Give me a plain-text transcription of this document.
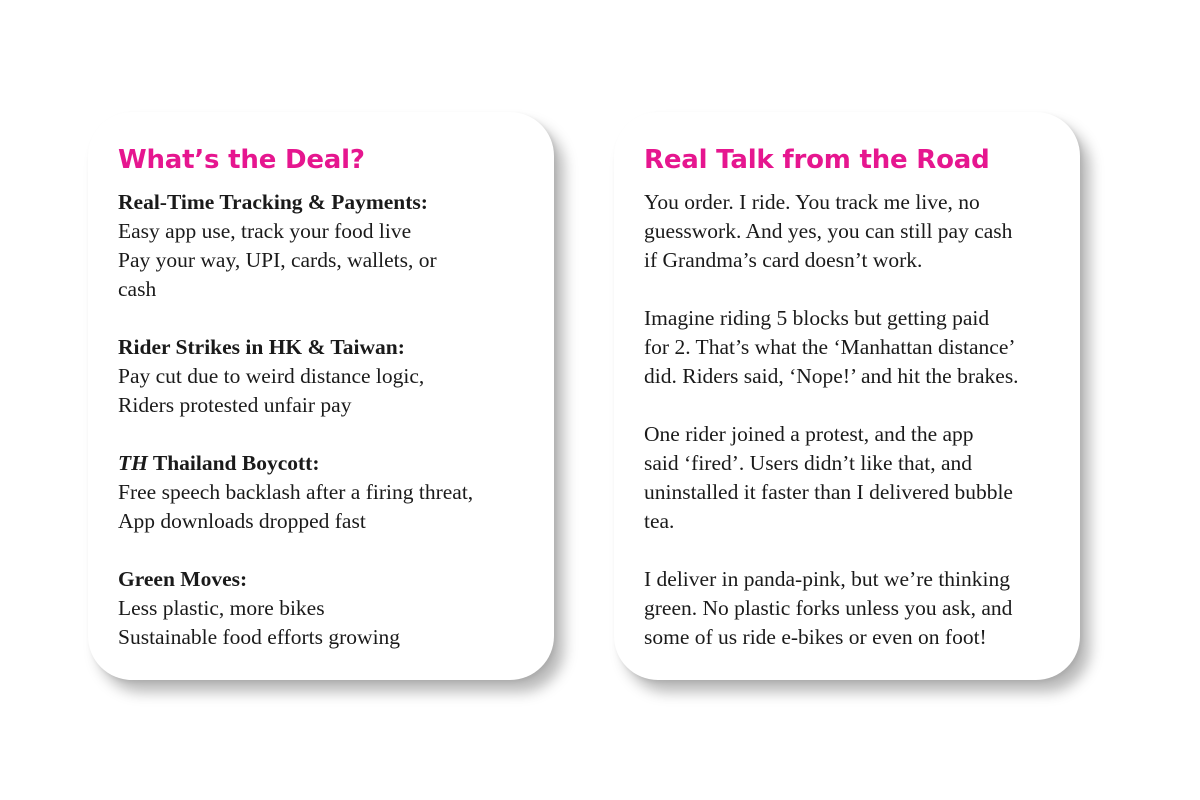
What’s the Deal?
Real-Time Tracking & Payments:
Easy app use, track your food live
Pay your way, UPI, cards, wallets, or
cash
Rider Strikes in HK & Taiwan:
Pay cut due to weird distance logic,
Riders protested unfair pay
TH Thailand Boycott:
Free speech backlash after a firing threat,
App downloads dropped fast
Green Moves:
Less plastic, more bikes
Sustainable food efforts growing
Real Talk from the Road
You order. I ride. You track me live, no
guesswork. And yes, you can still pay cash
if Grandma’s card doesn’t work.
Imagine riding 5 blocks but getting paid
for 2. That’s what the ‘Manhattan distance’
did. Riders said, ‘Nope!’ and hit the brakes.
One rider joined a protest, and the app
said ‘fired’. Users didn’t like that, and
uninstalled it faster than I delivered bubble
tea.
I deliver in panda-pink, but we’re thinking
green. No plastic forks unless you ask, and
some of us ride e-bikes or even on foot!
